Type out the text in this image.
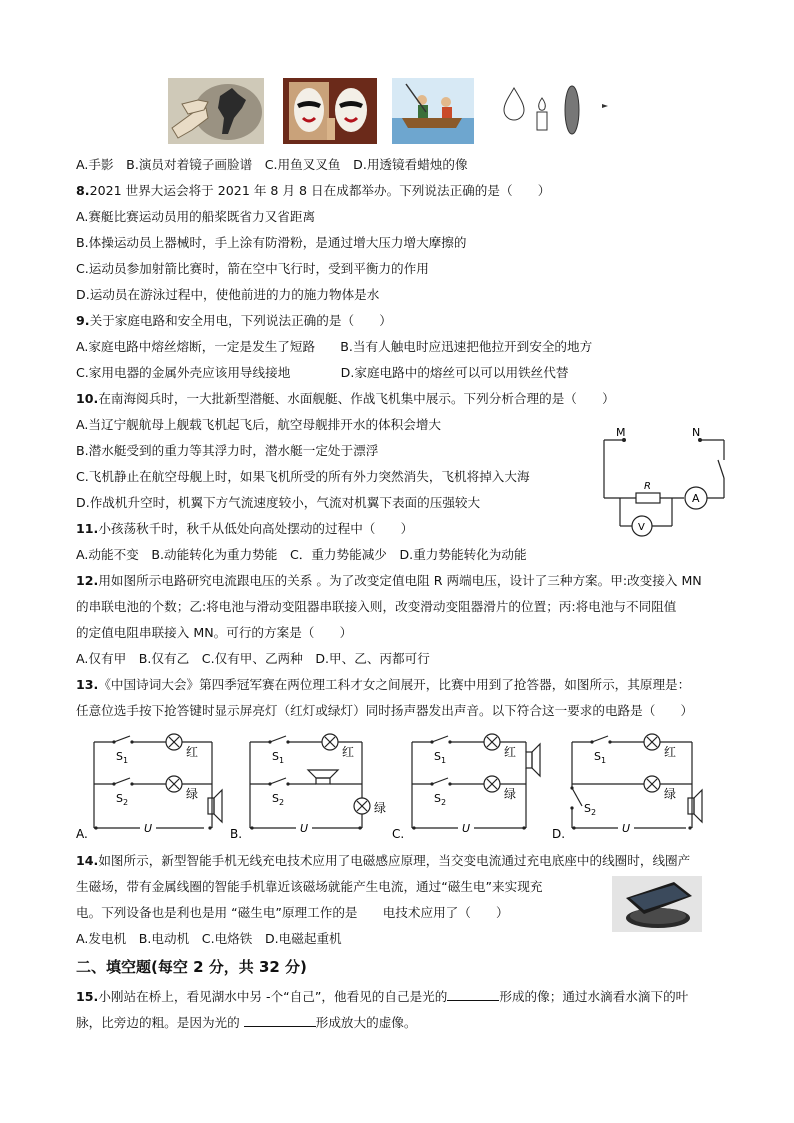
A.手影　B.演员对着镜子画脸谱　C.用鱼叉叉鱼　D.用透镜看蜡烛的像
8.2021 世界大运会将于 2021 年 8 月 8 日在成都举办。下列说法正确的是（　　）
A.赛艇比赛运动员用的船桨既省力又省距离
B.体操运动员上器械时，手上涂有防滑粉，是通过增大压力增大摩擦的
C.运动员参加射箭比赛时，箭在空中飞行时，受到平衡力的作用
D.运动员在游泳过程中，使他前进的力的施力物体是水
9.关于家庭电路和安全用电，下列说法正确的是（　　）
A.家庭电路中熔丝熔断，一定是发生了短路　　B.当有人触电时应迅速把他拉开到安全的地方
C.家用电器的金属外壳应该用导线接地　　　　D.家庭电路中的熔丝可以可以用铁丝代替
10.在南海阅兵时，一大批新型潜艇、水面舰艇、作战飞机集中展示。下列分析合理的是（　　）
A.当辽宁舰航母上舰载飞机起飞后，航空母舰排开水的体积会增大
B.潜水艇受到的重力等其浮力时，潜水艇一定处于漂浮
C.飞机静止在航空母舰上时，如果飞机所受的所有外力突然消失，飞机将掉入大海
D.作战机升空时，机翼下方气流速度较小，气流对机翼下表面的压强较大
M	N
R
A
V
11.小孩荡秋千时，秋千从低处向高处摆动的过程中（　　）
A.动能不变　B.动能转化为重力势能　C．重力势能减少　D.重力势能转化为动能
12.用如图所示电路研究电流跟电压的关系 。为了改变定值电阻 R 两端电压，设计了三种方案。甲:改变接入 MN
的串联电池的个数；乙:将电池与滑动变阻器串联接入则，改变滑动变阻器滑片的位置；丙:将电池与不同阻值
的定值电阻串联接入 MN。可行的方案是（　　）
A.仅有甲　B.仅有乙　C.仅有甲、乙两种　D.甲、乙、丙都可行
13.《中国诗词大会》第四季冠军赛在两位理工科才女之间展开，比赛中用到了抢答器，如图所示，其原理是：
任意位选手按下抢答键时显示屏亮灯（红灯或绿灯）同时扬声器发出声音。以下符合这一要求的电路是（　　）
A.
$S_1$
$S_2$
红
绿
U	B.
$S_1$
$S_2$
红
绿
U	C.
$S_1$
$S_2$
红
绿
U	D.
$S_1$
$S_2$
红
绿
U
14.如图所示，新型智能手机无线充电技术应用了电磁感应原理，当交变电流通过充电底座中的线圈时，线圈产
生磁场，带有金属线圈的智能手机靠近该磁场就能产生电流，通过“磁生电”来实现充
电。下列设备也是利也是用 “磁生电”原理工作的是　　电技术应用了（　　）
A.发电机　B.电动机　C.电烙铁　D.电磁起重机
二、填空题(每空 2 分，共 32 分)
15.小刚站在桥上，看见湖水中另 -个“自己”，他看见的自己是光的	形成的像；通过水滴看水滴下的叶
脉，比旁边的粗。是因为光的	形成放大的虚像。
